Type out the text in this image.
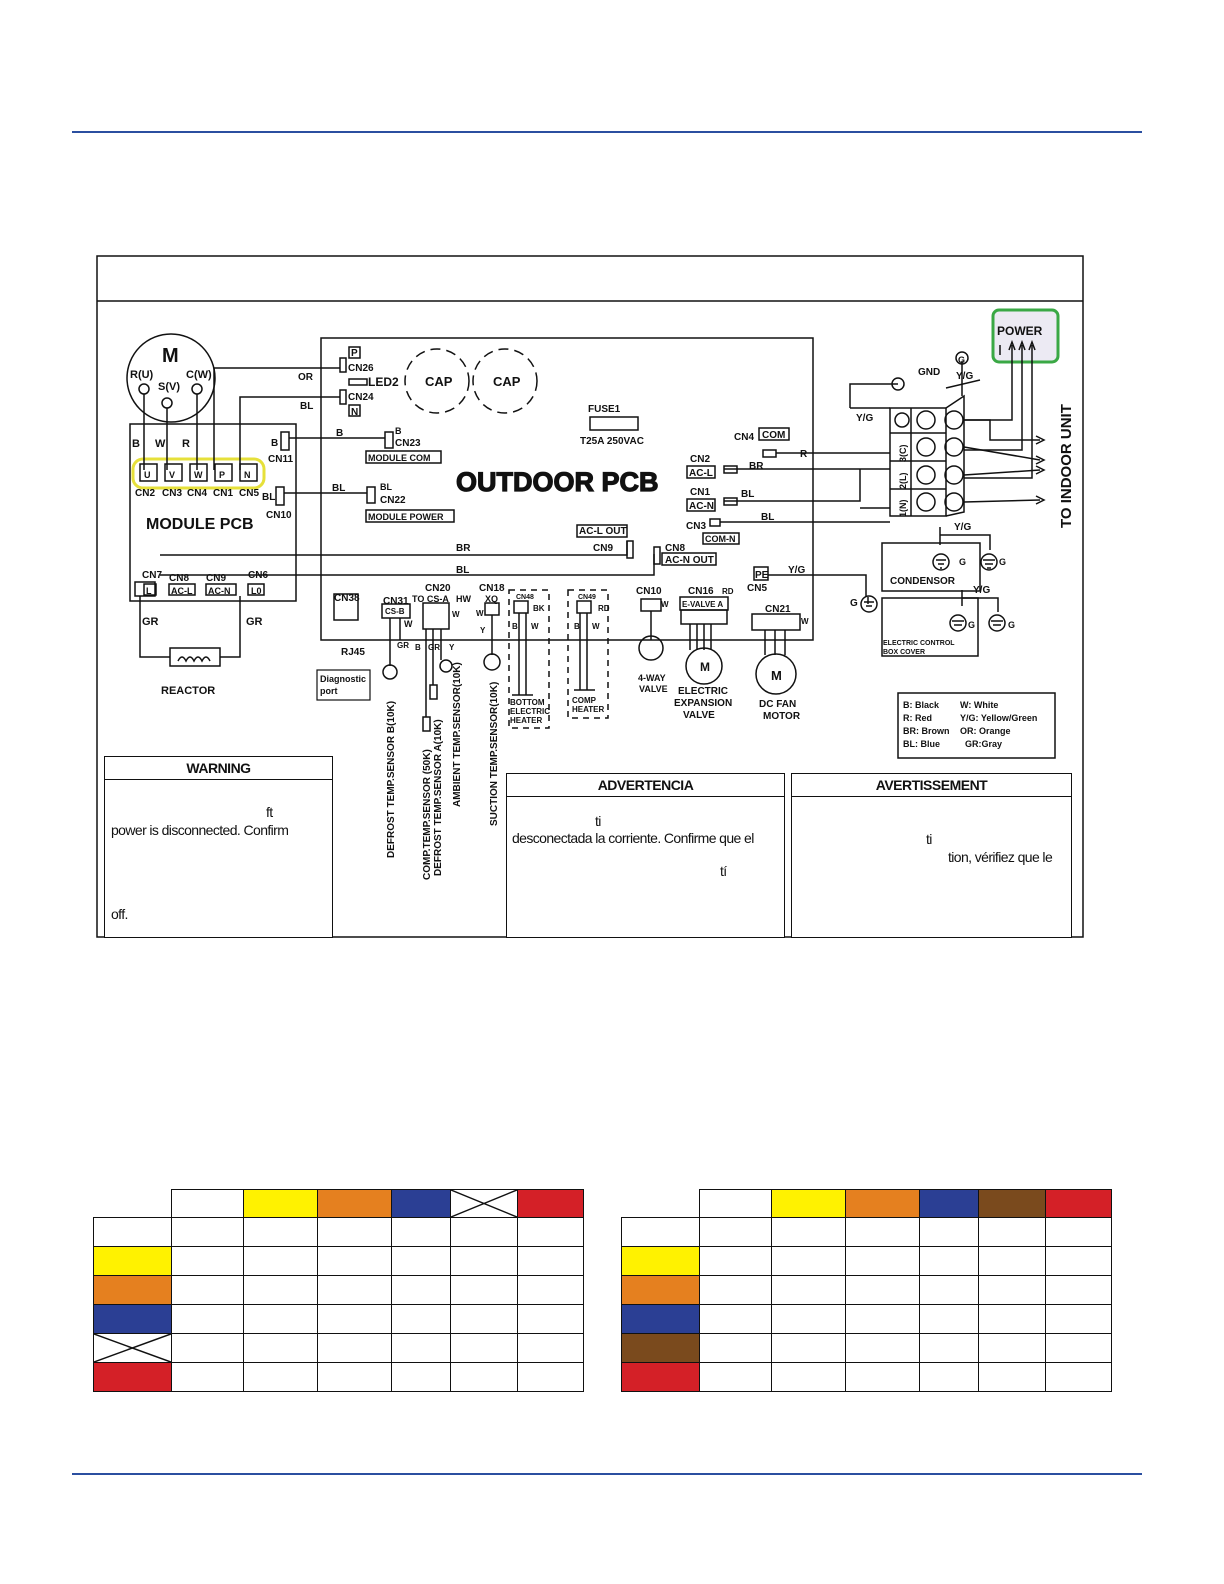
M
R(U)
S(V)
C(W)
B W R
U V W P N
CN2 CN3 CN4 CN1 CN5
MODULE PCB
CN7 CN8 CN9 CN6
L AC-L AC-N L0
GR	GR
REACTOR
P
CN26
LED2
CN24
N
OR
BL
CAP	CAP
FUSE1
T25A 250VAC
B
CN11
B	B
CN23
MODULE COM
BL
CN10
BL	BL
CN22
MODULE POWER
OUTDOOR PCB
CN4 COM
R
CN2
AC-L
BR
CN1
AC-N
BL
CN3
BL
COM-N
AC-L OUT
CN9	CN8
AC-N OUT
BR
BL	PE
CN5
Y/G
G
CN38
RJ45
Diagnostic
port
CN31
CS-B
W
GR
CN20
TO CS-A HW
W
B GR Y
CN18
XQ
W
Y
CN48
BK
B W
CN49
RD
B W
CN10
W
CN16 RD
E-VALVE A	CN21
W
M
M
BOTTOM
ELECTRIC
HEATER
COMP
HEATER
4-WAY
VALVE ELECTRIC
EXPANSION
VALVE
DC FAN
MOTOR
POWER
GND
G
Y/G
Y/G
Y/G
Y/G
CONDENSOR
ELECTRIC CONTROL
BOX COVER
G	G
G	G
3(C)
2(L)
1(N)	TO INDOOR UNIT
B: Black W: White
R: Red	Y/G: Yellow/Green
BR: Brown OR: Orange
BL: Blue	GR:Gray
DEFROST TEMP.SENSOR B(10K)	COMP.TEMP.SENSOR (50K) DEFROST TEMP.SENSOR A(10K) AMBIENT TEMP.SENSOR(10K)	SUCTION TEMP.SENSOR(10K)
WARNING
ft
power is disconnected. Confirm
off.
ADVERTENCIA
ti
desconectada la corriente. Confirme que el
tí
AVERTISSEMENT
ti
tion, vérifiez que le
